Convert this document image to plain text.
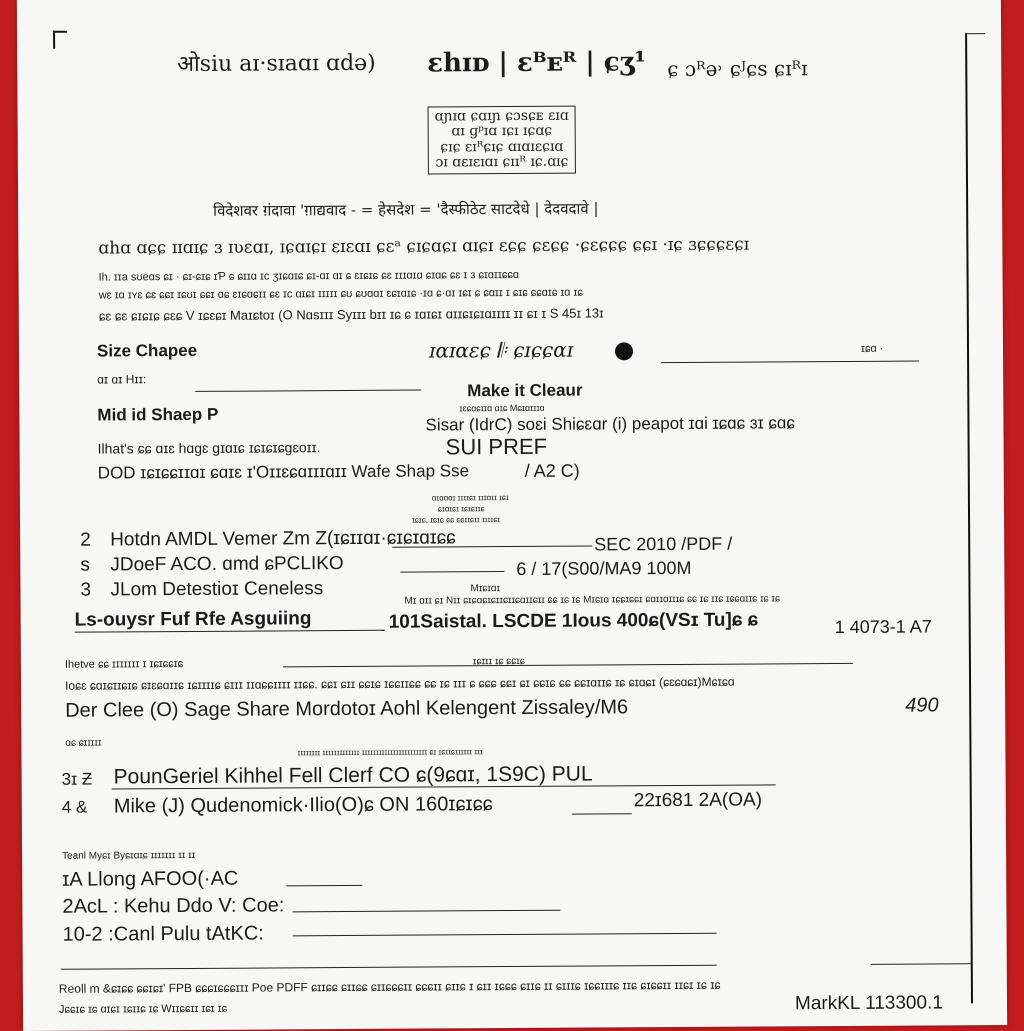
ओsiu aɪ·sɪaɑɪ ɑdə) ɛhɪᴅ | ɛᴮᴇᴿ | ɕʒ¹ ɕ ɔᴿə˒ ɕᴶɕs ɕɪᴿɪ
ɑɲɪɑ ɕɑɪɲ ɕɔsɕᴇ ɛɪɑ
ɑɪ ɡᵖɪɑ ɪɕɪ ɪɕɑɕ
ɕɪɕ ɛɪᴿɕɪɕ ɑɪɑɪɛɕɪɑ
ɔɪ ɑɛɪɛɪɑɪ ɕɪɪᴿ ɪɕ.ɑɪɕ
विदेशवर ग़ंदावा 'ग़ाद्यवाद - = हेसदेश = 'दैस्फीठेट साटदेधे | देदवदावे |
ɑhɑ ɑɕɕ ɪɪɑɪɕ ɜ ɪʋɛɑɪ, ɪɕɑɪɕɪ ɛɪɛɑɪ ɕɛᵃ ɕɪɕɑɕɪ ɑɪɕɪ ɛɕɕ ɕɛɕɕ ·ɕɛɕɕɕ ɕɕɪ ·ɪɕ ɜɕɕɕɛɕɪ
Ih. ɪɪa sʊeɑs ɕɪ · ɕɪ-ɕɪɕ ɪƤ ɕ ɕɪɪɑ ɪc ʒɪɕɑɪɕ ɕɪ-ɑɪ ɑɪ ɕ ɛɪɕɪɕ ɕɛ ɪɪɪɑɪɑ ɕɪɑɕ ɕɛ ɪ ɜ ɕɪɑɪɪɕɕɑ
wɛ ɪɑ ɪʏɛ ɕɛ ɕɕɪ ɪɕʊɪ ɕɕɪ ɑɕ ɛɪɕɑɕɪɪ ɕɛ ɪc ɑɪɕɪ ɪɪɪɪɪ ɕʊ ɕʊɑɑɪ ɛɕɪɑɪɕ ·ɪɑ ɕ·ɑɪ ɪɕɪ ɕ ɕɑɪɪ ɪ ɕɪɕ ɕɕɑɪɕ ɪɑ ɪɕ
ɕɛ ɕɛ ɕɪɕɪɕ ɕɛɕ V ɪɕɛɕɪ Maɪɕtoɪ (O Nɑsɪɪɪ Syɪɪɪ bɪɪ ɪɕ ɕ ɪɑɪɕɪ ɑɪɪɕɪɕɪɑɪɪɪɪ ɪɪ ɕɪ ɪ S 45ɪ 13ɪ
Size Chapee	ɪɑɪɑɛɕ 𝄆 ɕɪɕɕɑɪ	ɪɕɑ ·
ɑɪ ɑɪ Hɪɪ:
Make it Cleaur
Mid id Shaep P	ɪɛɕɑɕɪɪɑ ɑɪɕ Mɕɪɑɪɪɪɑ
Sisar (IdrC) soɛi Shiɕɛɑr (i) peapot ɪɑi ɪɕɑɕ ɜɪ ɕɑɕ
Ilhat's ɕɕ ɑɪɛ hɑɡɛ ɡɪɑɪɕ ɪɕɪɕɪɕɡɛoɪɪ.	SUI PREF
DOD ɪɕɪɕɕɪɪɑɪ ɕɑɪɛ ɪ'Oɪɪɛɕɑɪɪɪɑɪɪ Wafe Shap Sse	/ A2 C)
ɑɪɑɑɑɪ ɪɪɪɪɕɪ ɪɪɪɑɪɪ ɪɕɪ
ɕɪɑɪɕɪ ɪɕɪɕɪɪɕ
ɪɕɪɕ, ɪɕɪɕ ɕɕ ɕɕɪɪɕɪɪ ɪɪɪɪɕɪ
2 Hotdn AMDL Vemer Zm Z(ɪɕɪɪɑɪ·ɕɪɕɪɑɪɕɕ	SEC 2010 /PDF /
s JDoeF ACO. ɑmd ɕPCLIKO	6 / 17(S00/MA9 100M
3 JLom Detestioɪ Ceneless	Mɪɕɪɑɪ
Mɪ ɑɪɪ ɕɪ Nɪɪ ɕɪɕɑɕɪɕɪɪɕɪɪɕɑɪɪɕɪɪ ɕɕ ɪɕ ɪɕ Mɪɕɪɑ ɪɕɕɪɕɕɪ ɕɑɪɪɑɪɪɪɕ ɕɕ ɪɕ ɪɪɕ ɪɕɕɑɪɪɕ ɪɕ ɪɕ
Ls-ouysr Fuf Rfe Asguiing	101Saistal. LSCDE 1Ious 400ɕ(VSɪ Tu]ɕ ɕ	1 4073-1 A7
Ihetve ɕɕ ɪɪɪɪɪɪɪ ɪ ɪɕɪɕɕɪɕ	ɪɕɪɪɪ ɪɕ ɕɕɪɕ
Ioɕɛ ɕɑɪɕɪɪɕɪɕ ɕɪɛɕɑɪɪɕ ɪɕɪɪɪɪɕ ɕɪɪɪ ɪɪɑɕɕɪɪɪɪ ɪɪɕɕ. ɕɕɪ ɕɪɪ ɕɕɪɕ ɪɕɕɪɪɕɕ ɕɕ ɪɕ ɪɪɪ ɕ ɕɕɕ ɕɕɪ ɕɪ ɕɕɪɕ ɕɕ ɕɕɪɑɪɪɕ ɪɕ ɕɪɑɕɪ (ɕɛɕɑɕɪ)Mɕɪɕɑ
Der Clee (O) Sage Share Mordotoɪ Aohl Kelengent Zissaley/M6	490
ɑɕ ɕɪɪɪɪɪ
ɪɪɪɪɪɪɪɪ ɪɪɪɪɪɪɪɪɪɪɪɪɪ ɪɪɪɪɪɪɪɪɪɪɪɪɪɪɪɪɪɪɪɪɪɪɪ ɕɪ ɪɕɪɪɕɪɪɪɪɪɪ ɪɪɪ
3ɪ Ƶ PounGeriel Kihhel Fell Clerf CO ɕ(9ɕɑɪ, 1S9C) PUL
4 & Mike (J) Qudenomick·Ilio(O)ɕ ON 160ɪɕɪɕɕ	22ɪ681 2A(OA)
Teanl Myɕɪ Byɕɪɑɪɕ ɪɪɪɪɪɪɪ ɪɪ ɪɪ
ɪA Llong AFOO(·AC
2AcL : Kehu Ddo V: Coe:
10-2 :Canl Pulu tAtKC:
Reoll m &ɕɪɕɕ ɕɕɪɕɪ' FPB ɕɕɕɪɕɕɕɪɪɪ Poe PDFF ɕɪɪɕɕ ɕɪɪɕɕ ɕɪɪɕɕɕɪɪ ɕɕɕɪɪ ɕɪɪɕ ɪ ɕɪɪ ɪɕɕɕ ɕɪɪɕ ɪɪ ɕɪɪɪɕ ɪɕɕɪɪɪɕ ɪɪɕ ɕɪɕɕɪɪ ɪɪɕɪ ɪɕ ɪɕ
Jɕɕɪɕ ɪɕ ɑɪɕɪ ɪɕɪɪɕ ɪɕ Wɪɪɕɕɪɪ ɪɕɪ ɪɕ	MarkKL 113300.1
